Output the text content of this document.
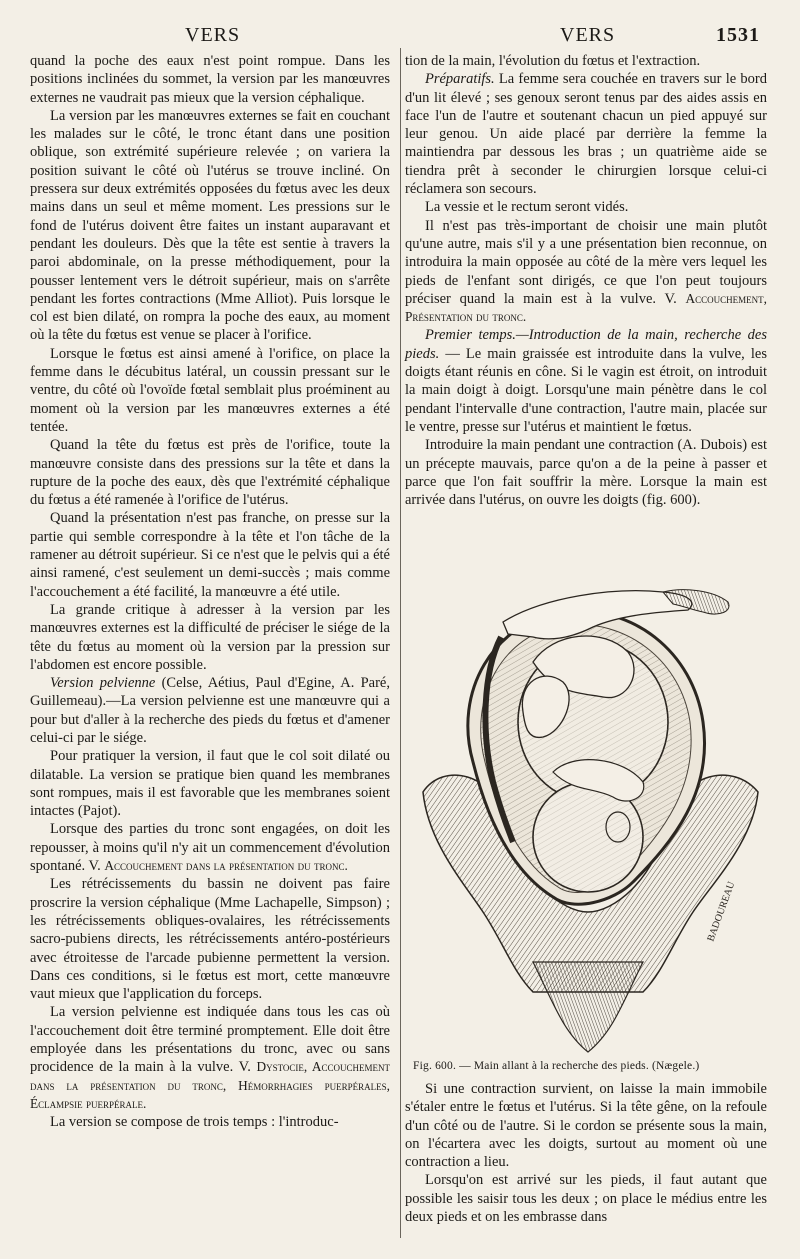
VERS	VERS	1531

quand la poche des eaux n'est point rompue. Dans les positions inclinées du sommet, la version par les manœuvres externes ne vaudrait pas mieux que la version céphalique.

La version par les manœuvres externes se fait en couchant les malades sur le côté, le tronc étant dans une position oblique, son extrémité supérieure relevée ; on variera la position suivant le côté où l'utérus se trouve incliné. On pressera sur deux extrémités opposées du fœtus avec les deux mains dans un seul et même moment. Les pressions sur le fond de l'utérus doivent être faites un instant auparavant et pendant les douleurs. Dès que la tête est sentie à travers la paroi abdominale, on la presse méthodiquement, pour la pousser lentement vers le détroit supérieur, mais on s'arrête pendant les fortes contractions (Mme Alliot). Puis lorsque le col est bien dilaté, on rompra la poche des eaux, au moment où la tête du fœtus est venue se placer à l'orifice.

Lorsque le fœtus est ainsi amené à l'orifice, on place la femme dans le décubitus latéral, un coussin pressant sur le ventre, du côté où l'ovoïde fœtal semblait plus proéminent au moment où la version par les manœuvres externes a été tentée.

Quand la tête du fœtus est près de l'orifice, toute la manœuvre consiste dans des pressions sur la tête et dans la rupture de la poche des eaux, dès que l'extrémité céphalique du fœtus a été ramenée à l'orifice de l'utérus.

Quand la présentation n'est pas franche, on presse sur la partie qui semble correspondre à la tête et l'on tâche de la ramener au détroit supérieur. Si ce n'est que le pelvis qui a été ainsi ramené, c'est seulement un demi-succès ; mais comme l'accouchement a été facilité, la manœuvre a été utile.

La grande critique à adresser à la version par les manœuvres externes est la difficulté de préciser le siége de la tête du fœtus au moment où la version par la pression sur l'abdomen est encore possible.

Version pelvienne (Celse, Aétius, Paul d'Egine, A. Paré, Guillemeau).—La version pelvienne est une manœuvre qui a pour but d'aller à la recherche des pieds du fœtus et d'amener celui-ci par le siége.

Pour pratiquer la version, il faut que le col soit dilaté ou dilatable. La version se pratique bien quand les membranes sont rompues, mais il est favorable que les membranes soient intactes (Pajot).

Lorsque des parties du tronc sont engagées, on doit les repousser, à moins qu'il n'y ait un commencement d'évolution spontané. V. Accouchement dans la présentation du tronc.

Les rétrécissements du bassin ne doivent pas faire proscrire la version céphalique (Mme Lachapelle, Simpson) ; les rétrécissements obliques-ovalaires, les rétrécissements sacro-pubiens directs, les rétrécissements antéro-postérieurs avec étroitesse de l'arcade pubienne permettent la version. Dans ces conditions, si le fœtus est mort, cette manœuvre vaut mieux que l'application du forceps.

La version pelvienne est indiquée dans tous les cas où l'accouchement doit être terminé promptement. Elle doit être employée dans les présentations du tronc, avec ou sans procidence de la main à la vulve. V. Dystocie, Accouchement dans la présentation du tronc, Hémorrhagies puerpérales, Éclampsie puerpérale.

La version se compose de trois temps : l'introduc-

tion de la main, l'évolution du fœtus et l'extraction.

Préparatifs. La femme sera couchée en travers sur le bord d'un lit élevé ; ses genoux seront tenus par des aides assis en face l'un de l'autre et soutenant chacun un pied appuyé sur leur genou. Un aide placé par derrière la femme la maintiendra par dessous les bras ; un quatrième aide se tiendra prêt à seconder le chirurgien lorsque celui-ci réclamera son secours.

La vessie et le rectum seront vidés.

Il n'est pas très-important de choisir une main plutôt qu'une autre, mais s'il y a une présentation bien reconnue, on introduira la main opposée au côté de la mère vers lequel les pieds de l'enfant sont dirigés, ce que l'on peut toujours préciser quand la main est à la vulve. V. Accouchement, Présentation du tronc.

Premier temps.—Introduction de la main, recherche des pieds. — Le main graissée est introduite dans la vulve, les doigts étant réunis en cône. Si le vagin est étroit, on introduit la main doigt à doigt. Lorsqu'une main pénètre dans le col pendant l'intervalle d'une contraction, l'autre main, placée sur le ventre, presse sur l'utérus et maintient le fœtus.

Introduire la main pendant une contraction (A. Dubois) est un précepte mauvais, parce qu'on a de la peine à passer et parce que l'on fait souffrir la mère. Lorsque la main est arrivée dans l'utérus, on ouvre les doigts (fig. 600).

BADOUREAU
Fig. 600. — Main allant à la recherche des pieds. (Nægele.)

Si une contraction survient, on laisse la main immobile s'étaler entre le fœtus et l'utérus. Si la tête gêne, on la refoule d'un côté ou de l'autre. Si le cordon se présente sous la main, on l'écartera avec les doigts, surtout au moment où une contraction a lieu.

Lorsqu'on est arrivé sur les pieds, il faut autant que possible les saisir tous les deux ; on place le médius entre les deux pieds et on les embrasse dans
